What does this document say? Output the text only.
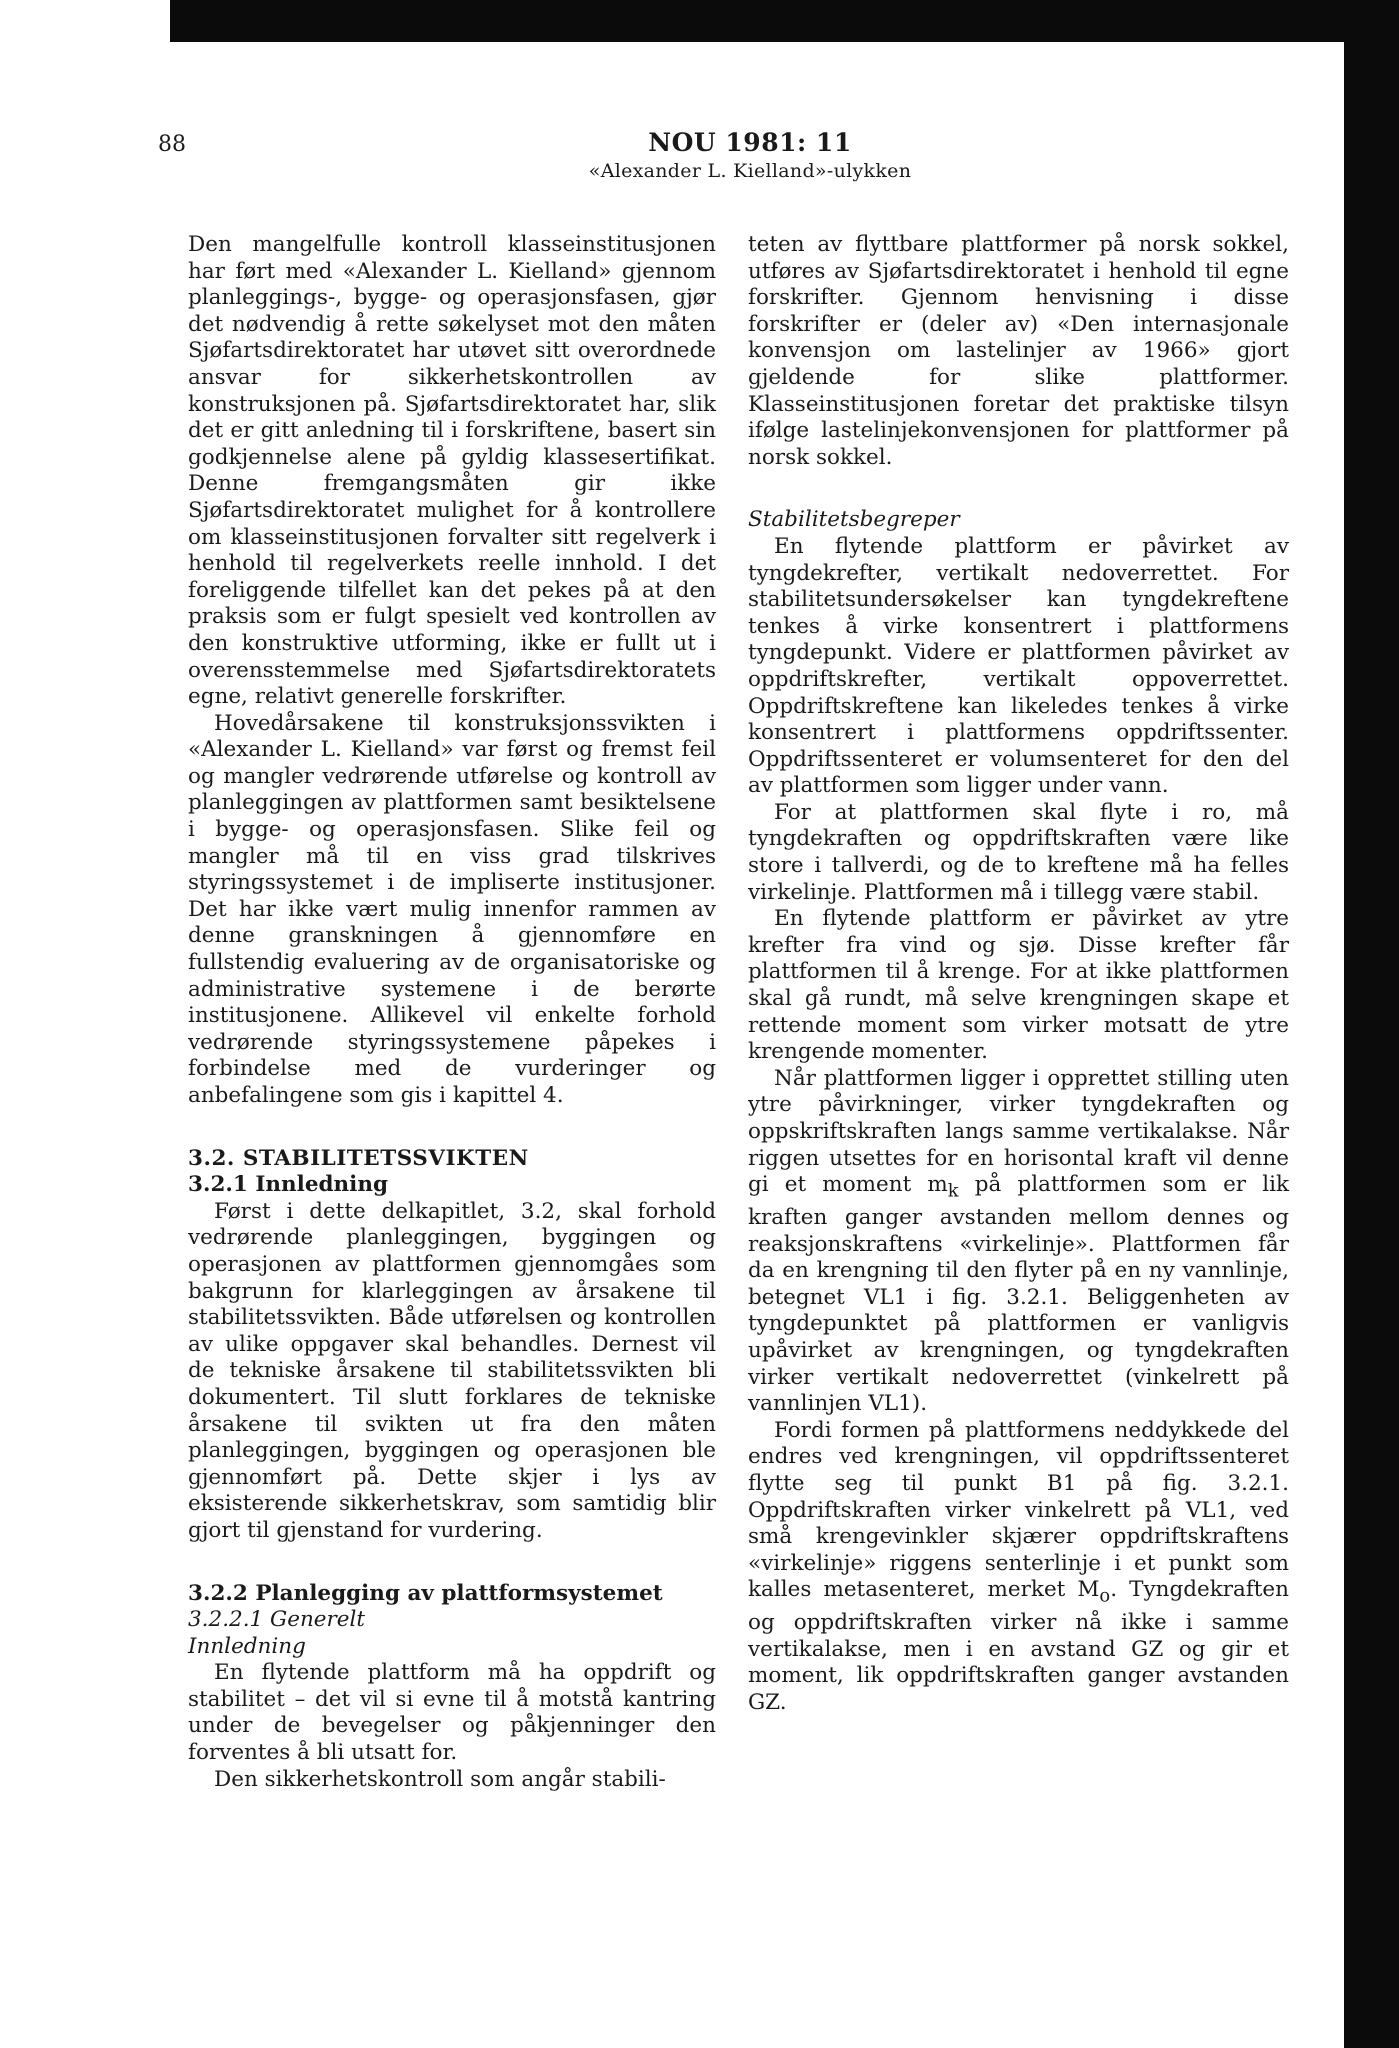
88	NOU 1981: 11
«Alexander L. Kielland»-ulykken

Den mangelfulle kontroll klasseinstitusjonen har ført med «Alexander L. Kielland» gjennom planleggings-, bygge- og operasjonsfasen, gjør det nødvendig å rette søkelyset mot den måten Sjøfartsdirektoratet har utøvet sitt overordnede ansvar for sikkerhetskontrollen av konstruksjonen på. Sjøfartsdirektoratet har, slik det er gitt anledning til i forskriftene, basert sin godkjennelse alene på gyldig klassesertifikat. Denne fremgangsmåten gir ikke Sjøfartsdirektoratet mulighet for å kontrollere om klasseinstitusjonen forvalter sitt regelverk i henhold til regelverkets reelle innhold. I det foreliggende tilfellet kan det pekes på at den praksis som er fulgt spesielt ved kontrollen av den konstruktive utforming, ikke er fullt ut i overensstemmelse med Sjøfartsdirektoratets egne, relativt generelle forskrifter.

Hovedårsakene til konstruksjonssvikten i «Alexander L. Kielland» var først og fremst feil og mangler vedrørende utførelse og kontroll av planleggingen av plattformen samt besiktelsene i bygge- og operasjonsfasen. Slike feil og mangler må til en viss grad tilskrives styringssystemet i de impliserte institusjoner. Det har ikke vært mulig innenfor rammen av denne granskningen å gjennomføre en fullstendig evaluering av de organisatoriske og administrative systemene i de berørte institusjonene. Allikevel vil enkelte forhold vedrørende styringssystemene påpekes i forbindelse med de vurderinger og anbefalingene som gis i kapittel 4.

3.2. STABILITETSSVIKTEN

3.2.1 Innledning

Først i dette delkapitlet, 3.2, skal forhold vedrørende planleggingen, byggingen og operasjonen av plattformen gjennomgåes som bakgrunn for klarleggingen av årsakene til stabilitetssvikten. Både utførelsen og kontrollen av ulike oppgaver skal behandles. Dernest vil de tekniske årsakene til stabilitetssvikten bli dokumentert. Til slutt forklares de tekniske årsakene til svikten ut fra den måten planleggingen, byggingen og operasjonen ble gjennomført på. Dette skjer i lys av eksisterende sikkerhetskrav, som samtidig blir gjort til gjenstand for vurdering.

3.2.2 Planlegging av plattformsystemet

3.2.2.1 Generelt

Innledning

En flytende plattform må ha oppdrift og stabilitet – det vil si evne til å motstå kantring under de bevegelser og påkjenninger den forventes å bli utsatt for.

Den sikkerhetskontroll som angår stabili-

teten av flyttbare plattformer på norsk sokkel, utføres av Sjøfartsdirektoratet i henhold til egne forskrifter. Gjennom henvisning i disse forskrifter er (deler av) «Den internasjonale konvensjon om lastelinjer av 1966» gjort gjeldende for slike plattformer. Klasseinstitusjonen foretar det praktiske tilsyn ifølge lastelinjekonvensjonen for plattformer på norsk sokkel.

Stabilitetsbegreper

En flytende plattform er påvirket av tyngdekrefter, vertikalt nedoverrettet. For stabilitetsundersøkelser kan tyngdekreftene tenkes å virke konsentrert i plattformens tyngdepunkt. Videre er plattformen påvirket av oppdriftskrefter, vertikalt oppoverrettet. Oppdriftskreftene kan likeledes tenkes å virke konsentrert i plattformens oppdriftssenter. Oppdriftssenteret er volumsenteret for den del av plattformen som ligger under vann.

For at plattformen skal flyte i ro, må tyngdekraften og oppdriftskraften være like store i tallverdi, og de to kreftene må ha felles virkelinje. Plattformen må i tillegg være stabil.

En flytende plattform er påvirket av ytre krefter fra vind og sjø. Disse krefter får plattformen til å krenge. For at ikke plattformen skal gå rundt, må selve krengningen skape et rettende moment som virker motsatt de ytre krengende momenter.

Når plattformen ligger i opprettet stilling uten ytre påvirkninger, virker tyngdekraften og oppskriftskraften langs samme vertikalakse. Når riggen utsettes for en horisontal kraft vil denne gi et moment $m_k$ på plattformen som er lik kraften ganger avstanden mellom dennes og reaksjonskraftens «virkelinje». Plattformen får da en krengning til den flyter på en ny vannlinje, betegnet VL1 i fig. 3.2.1. Beliggenheten av tyngdepunktet på plattformen er vanligvis upåvirket av krengningen, og tyngdekraften virker vertikalt nedoverrettet (vinkelrett på vannlinjen VL1).

Fordi formen på plattformens neddykkede del endres ved krengningen, vil oppdriftssenteret flytte seg til punkt B1 på fig. 3.2.1. Oppdriftskraften virker vinkelrett på VL1, ved små krengevinkler skjærer oppdriftskraftens «virkelinje» riggens senterlinje i et punkt som kalles metasenteret, merket $M_o$. Tyngdekraften og oppdriftskraften virker nå ikke i samme vertikalakse, men i en avstand GZ og gir et moment, lik oppdriftskraften ganger avstanden GZ.
